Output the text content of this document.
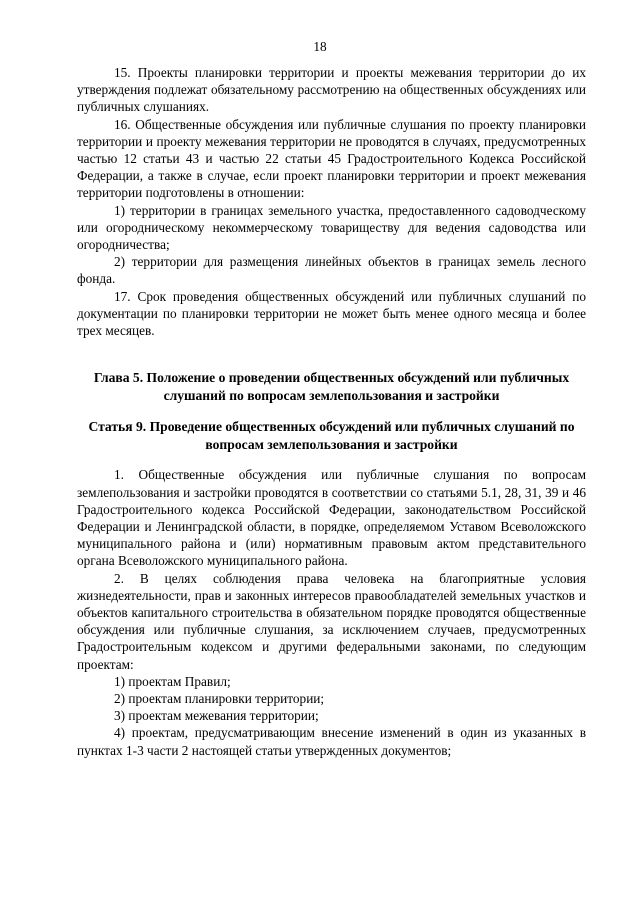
18

15. Проекты планировки территории и проекты межевания территории до их утверждения подлежат обязательному рассмотрению на общественных обсуждениях или публичных слушаниях.

16. Общественные обсуждения или публичные слушания по проекту планировки территории и проекту межевания территории не проводятся в случаях, предусмотренных частью 12 статьи 43 и частью 22 статьи 45 Градостроительного Кодекса Российской Федерации, а также в случае, если проект планировки территории и проект межевания территории подготовлены в отношении:

1) территории в границах земельного участка, предоставленного садоводческому или огородническому некоммерческому товариществу для ведения садоводства или огородничества;

2) территории для размещения линейных объектов в границах земель лесного фонда.

17. Срок проведения общественных обсуждений или публичных слушаний по документации по планировки территории не может быть менее одного месяца и более трех месяцев.

Глава 5. Положение о проведении общественных обсуждений или публичных слушаний по вопросам землепользования и застройки

Статья 9. Проведение общественных обсуждений или публичных слушаний по вопросам землепользования и застройки

1. Общественные обсуждения или публичные слушания по вопросам землепользования и застройки проводятся в соответствии со статьями 5.1, 28, 31, 39 и 46 Градостроительного кодекса Российской Федерации, законодательством Российской Федерации и Ленинградской области, в порядке, определяемом Уставом Всеволожского муниципального района и (или) нормативным правовым актом представительного органа Всеволожского муниципального района.

2. В целях соблюдения права человека на благоприятные условия жизнедеятельности, прав и законных интересов правообладателей земельных участков и объектов капитального строительства в обязательном порядке проводятся общественные обсуждения или публичные слушания, за исключением случаев, предусмотренных Градостроительным кодексом и другими федеральными законами, по следующим проектам:

1) проектам Правил;

2) проектам планировки территории;

3) проектам межевания территории;

4) проектам, предусматривающим внесение изменений в один из указанных в пунктах 1-3 части 2 настоящей статьи утвержденных документов;
